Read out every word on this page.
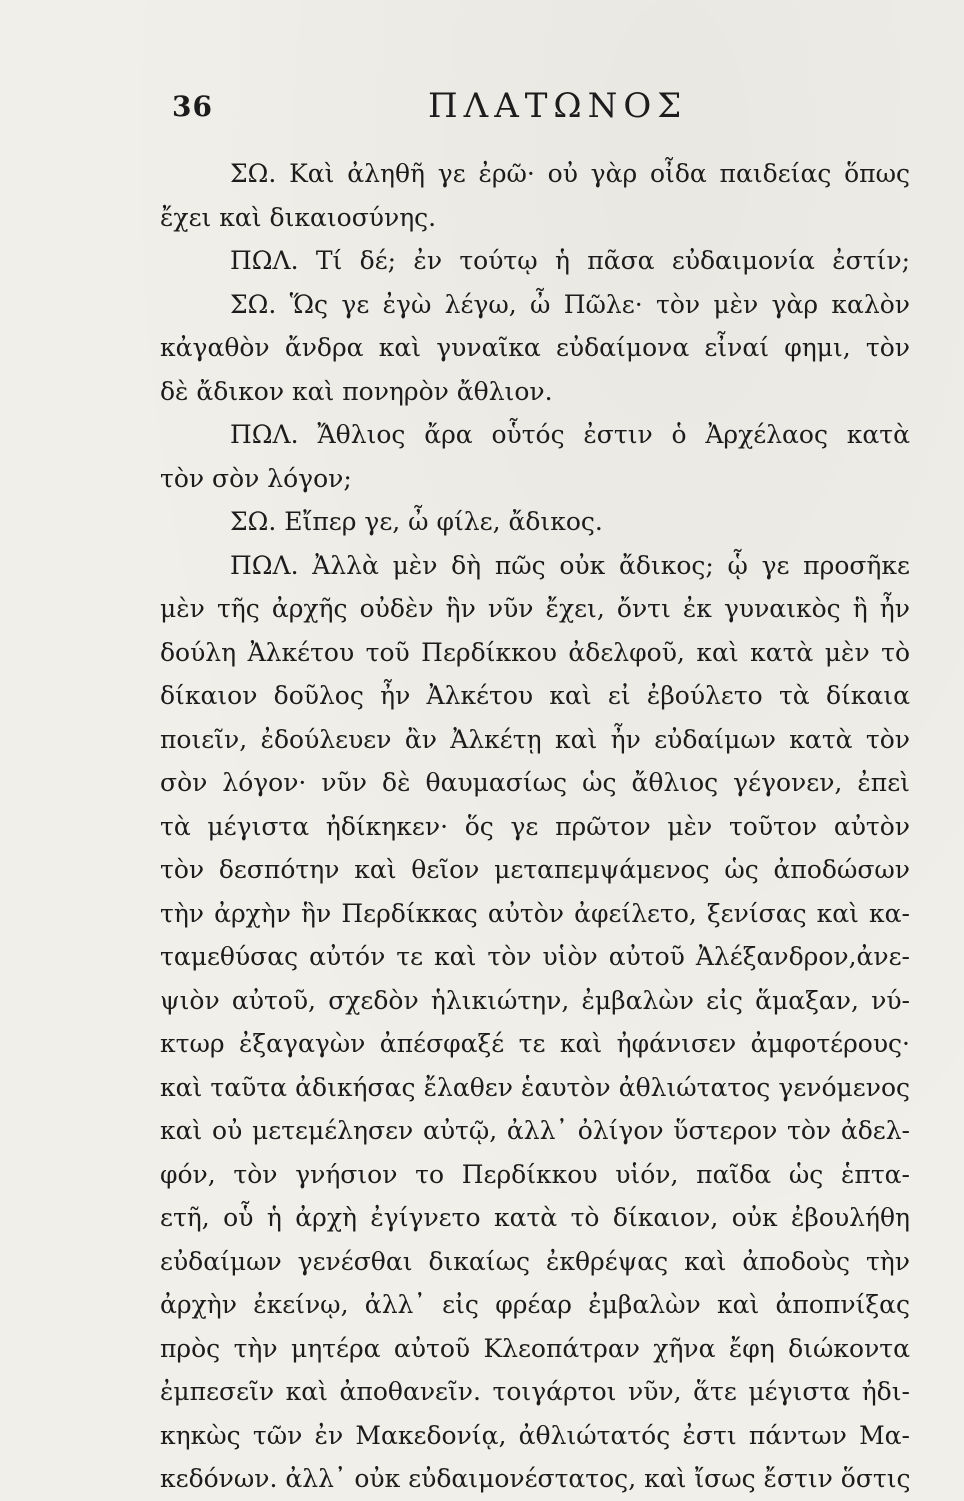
36	ΠΛΑΤΩΝΟΣ
ΣΩ. Καὶ ἀληθῆ γε ἐρῶ· οὐ γὰρ οἶδα παιδείας ὅπως
ἔχει καὶ δικαιοσύνης.
ΠΩΛ. Τί δέ; ἐν τούτῳ ἡ πᾶσα εὐδαιμονία ἐστίν;
ΣΩ. Ὥς γε ἐγὼ λέγω, ὦ Πῶλε· τὸν μὲν γὰρ καλὸν
κἀγαθὸν ἄνδρα καὶ γυναῖκα εὐδαίμονα εἶναί φημι, τὸν
δὲ ἄδικον καὶ πονηρὸν ἄθλιον.
ΠΩΛ. Ἄθλιος ἄρα οὗτός ἐστιν ὁ Ἀρχέλαος κατὰ
τὸν σὸν λόγον;
ΣΩ. Εἴπερ γε, ὦ φίλε, ἄδικος.
ΠΩΛ. Ἀλλὰ μὲν δὴ πῶς οὐκ ἄδικος; ᾧ γε προσῆκε
μὲν τῆς ἀρχῆς οὐδὲν ἣν νῦν ἔχει, ὄντι ἐκ γυναικὸς ἣ ἦν
δούλη Ἀλκέτου τοῦ Περδίκκου ἀδελφοῦ, καὶ κατὰ μὲν τὸ
δίκαιον δοῦλος ἦν Ἀλκέτου καὶ εἰ ἐβούλετο τὰ δίκαια
ποιεῖν, ἐδούλευεν ἂν Ἀλκέτῃ καὶ ἦν εὐδαίμων κατὰ τὸν
σὸν λόγον· νῦν δὲ θαυμασίως ὡς ἄθλιος γέγονεν, ἐπεὶ
τὰ μέγιστα ἠδίκηκεν· ὅς γε πρῶτον μὲν τοῦτον αὐτὸν
τὸν δεσπότην καὶ θεῖον μεταπεμψάμενος ὡς ἀποδώσων
τὴν ἀρχὴν ἣν Περδίκκας αὐτὸν ἀφείλετο, ξενίσας καὶ κα-
ταμεθύσας αὐτόν τε καὶ τὸν υἱὸν αὐτοῦ Ἀλέξανδρον,ἀνε-
ψιὸν αὐτοῦ, σχεδὸν ἡλικιώτην, ἐμβαλὼν εἰς ἅμαξαν, νύ-
κτωρ ἐξαγαγὼν ἀπέσφαξέ τε καὶ ἠφάνισεν ἀμφοτέρους·
καὶ ταῦτα ἀδικήσας ἔλαθεν ἑαυτὸν ἀθλιώτατος γενόμενος
καὶ οὐ μετεμέλησεν αὐτῷ, ἀλλ᾽ ὀλίγον ὕστερον τὸν ἀδελ-
φόν, τὸν γνήσιον το Περδίκκου υἱόν, παῖδα ὡς ἑπτα-
ετῆ, οὗ ἡ ἀρχὴ ἐγίγνετο κατὰ τὸ δίκαιον, οὐκ ἐβουλήθη
εὐδαίμων γενέσθαι δικαίως ἐκθρέψας καὶ ἀποδοὺς τὴν
ἀρχὴν ἐκείνῳ, ἀλλ᾽ εἰς φρέαρ ἐμβαλὼν καὶ ἀποπνίξας
πρὸς τὴν μητέρα αὐτοῦ Κλεοπάτραν χῆνα ἔφη διώκοντα
ἐμπεσεῖν καὶ ἀποθανεῖν. τοιγάρτοι νῦν, ἅτε μέγιστα ἠδι-
κηκὼς τῶν ἐν Μακεδονίᾳ, ἀθλιώτατός ἐστι πάντων Μα-
κεδόνων. ἀλλ᾽ οὐκ εὐδαιμονέστατος, καὶ ἴσως ἔστιν ὅστις
